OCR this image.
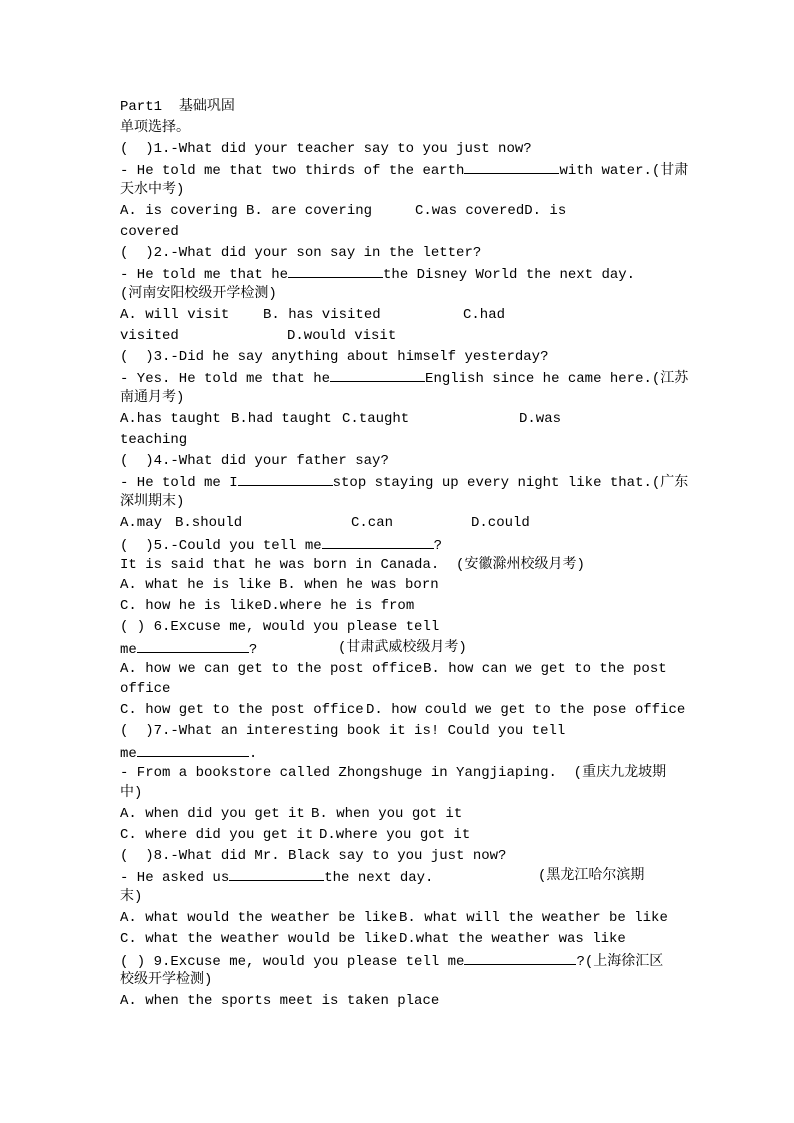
Part1 基础巩固
单项选择。
(  )1.-What did your teacher say to you just now?
- He told me that two thirds of the earth	with water.(甘肃
天水中考)
A. is covering B. are covering	C.was coveredD. is
covered
(  )2.-What did your son say in the letter?
- He told me that he	the Disney World the next day.
(河南安阳校级开学检测)
A. will visit B. has visited	C.had
visited	D.would visit
(  )3.-Did he say anything about himself yesterday?
- Yes. He told me that he	English since he came here.(江苏
南通月考)
A.has taught B.had taught C.taught	D.was
teaching
(  )4.-What did your father say?
- He told me I	stop staying up every night like that.(广东
深圳期末)
A.may B.should	C.can	D.could
(  )5.-Could you tell me	?
It is said that he was born in Canada.  (安徽滁州校级月考)
A. what he is like B. when he was born
C. how he is like D.where he is from
( ) 6.Excuse me, would you please tell
me	?	(甘肃武威校级月考)
A. how we can get to the post office B. how can we get to the post
office
C. how get to the post office D. how could we get to the pose office
(  )7.-What an interesting book it is! Could you tell
me	.
- From a bookstore called Zhongshuge in Yangjiaping.  (重庆九龙坡期
中)
A. when did you get it B. when you got it
C. where did you get it D.where you got it
(  )8.-What did Mr. Black say to you just now?
- He asked us	the next day.	(黑龙江哈尔滨期
末)
A. what would the weather be like B. what will the weather be like
C. what the weather would be like D.what the weather was like
( ) 9.Excuse me, would you please tell me	?(上海徐汇区
校级开学检测)
A. when the sports meet is taken place
